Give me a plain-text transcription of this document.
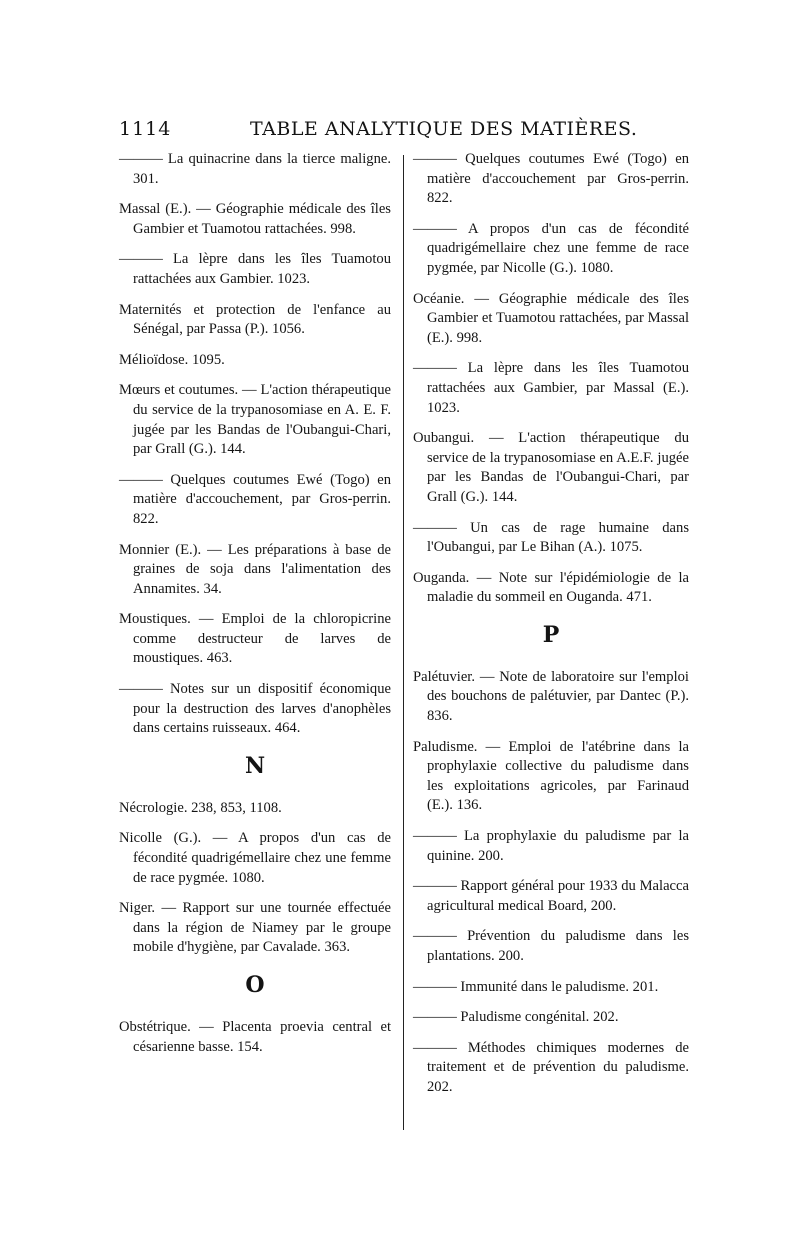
1114	TABLE ANALYTIQUE DES MATIÈRES.

——— La quinacrine dans la tierce maligne. 301.

Massal (E.). — Géographie médicale des îles Gambier et Tuamotou rattachées. 998.

——— La lèpre dans les îles Tuamotou rattachées aux Gambier. 1023.

Maternités et protection de l'enfance au Sénégal, par Passa (P.). 1056.

Mélioïdose. 1095.

Mœurs et coutumes. — L'action thérapeutique du service de la trypanosomiase en A. E. F. jugée par les Bandas de l'Oubangui-Chari, par Grall (G.). 144.

——— Quelques coutumes Ewé (Togo) en matière d'accouchement, par Gros-perrin. 822.

Monnier (E.). — Les préparations à base de graines de soja dans l'alimentation des Annamites. 34.

Moustiques. — Emploi de la chloropicrine comme destructeur de larves de moustiques. 463.

——— Notes sur un dispositif économique pour la destruction des larves d'anophèles dans certains ruisseaux. 464.

N

Nécrologie. 238, 853, 1108.

Nicolle (G.). — A propos d'un cas de fécondité quadrigémellaire chez une femme de race pygmée. 1080.

Niger. — Rapport sur une tournée effectuée dans la région de Niamey par le groupe mobile d'hygiène, par Cavalade. 363.

O

Obstétrique. — Placenta proevia central et césarienne basse. 154.

——— Quelques coutumes Ewé (Togo) en matière d'accouchement par Gros-perrin. 822.

——— A propos d'un cas de fécondité quadrigémellaire chez une femme de race pygmée, par Nicolle (G.). 1080.

Océanie. — Géographie médicale des îles Gambier et Tuamotou rattachées, par Massal (E.). 998.

——— La lèpre dans les îles Tuamotou rattachées aux Gambier, par Massal (E.). 1023.

Oubangui. — L'action thérapeutique du service de la trypanosomiase en A.E.F. jugée par les Bandas de l'Oubangui-Chari, par Grall (G.). 144.

——— Un cas de rage humaine dans l'Oubangui, par Le Bihan (A.). 1075.

Ouganda. — Note sur l'épidémiologie de la maladie du sommeil en Ouganda. 471.

P

Palétuvier. — Note de laboratoire sur l'emploi des bouchons de palétuvier, par Dantec (P.). 836.

Paludisme. — Emploi de l'atébrine dans la prophylaxie collective du paludisme dans les exploitations agricoles, par Farinaud (E.). 136.

——— La prophylaxie du paludisme par la quinine. 200.

——— Rapport général pour 1933 du Malacca agricultural medical Board, 200.

——— Prévention du paludisme dans les plantations. 200.

——— Immunité dans le paludisme. 201.

——— Paludisme congénital. 202.

——— Méthodes chimiques modernes de traitement et de prévention du paludisme. 202.
